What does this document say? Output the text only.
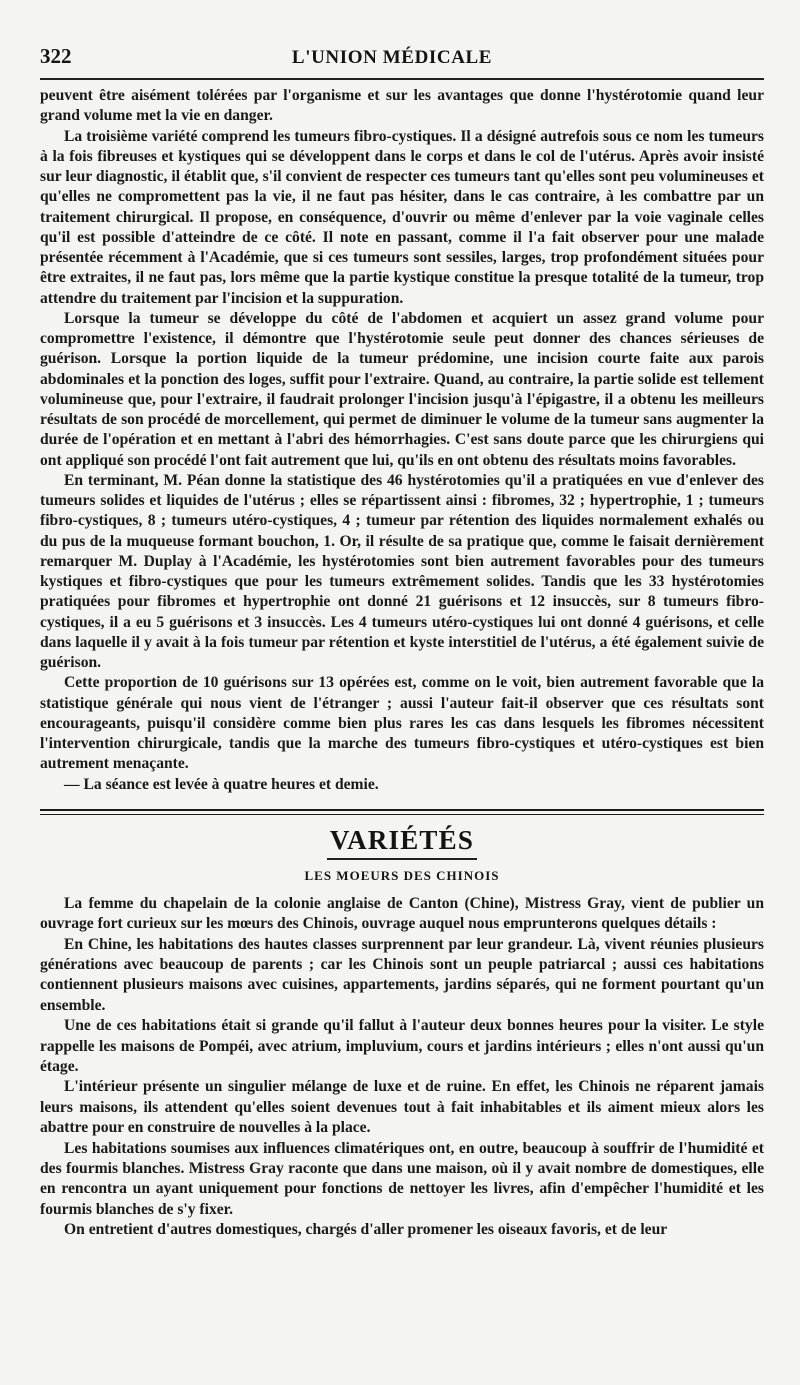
322	L'UNION MÉDICALE

peuvent être aisément tolérées par l'organisme et sur les avantages que donne l'hystérotomie quand leur grand volume met la vie en danger.

La troisième variété comprend les tumeurs fibro-cystiques. Il a désigné autrefois sous ce nom les tumeurs à la fois fibreuses et kystiques qui se développent dans le corps et dans le col de l'utérus. Après avoir insisté sur leur diagnostic, il établit que, s'il convient de respecter ces tumeurs tant qu'elles sont peu volumineuses et qu'elles ne compromettent pas la vie, il ne faut pas hésiter, dans le cas contraire, à les combattre par un traitement chirurgical. Il propose, en conséquence, d'ouvrir ou même d'enlever par la voie vaginale celles qu'il est possible d'atteindre de ce côté. Il note en passant, comme il l'a fait observer pour une malade présentée récemment à l'Académie, que si ces tumeurs sont sessiles, larges, trop profondément situées pour être extraites, il ne faut pas, lors même que la partie kystique constitue la presque totalité de la tumeur, trop attendre du traitement par l'incision et la suppuration.

Lorsque la tumeur se développe du côté de l'abdomen et acquiert un assez grand volume pour compromettre l'existence, il démontre que l'hystérotomie seule peut donner des chances sérieuses de guérison. Lorsque la portion liquide de la tumeur prédomine, une incision courte faite aux parois abdominales et la ponction des loges, suffit pour l'extraire. Quand, au contraire, la partie solide est tellement volumineuse que, pour l'extraire, il faudrait prolonger l'incision jusqu'à l'épigastre, il a obtenu les meilleurs résultats de son procédé de morcellement, qui permet de diminuer le volume de la tumeur sans augmenter la durée de l'opération et en mettant à l'abri des hémorrhagies. C'est sans doute parce que les chirurgiens qui ont appliqué son procédé l'ont fait autrement que lui, qu'ils en ont obtenu des résultats moins favorables.

En terminant, M. Péan donne la statistique des 46 hystérotomies qu'il a pratiquées en vue d'enlever des tumeurs solides et liquides de l'utérus ; elles se répartissent ainsi : fibromes, 32 ; hypertrophie, 1 ; tumeurs fibro-cystiques, 8 ; tumeurs utéro-cystiques, 4 ; tumeur par rétention des liquides normalement exhalés ou du pus de la muqueuse formant bouchon, 1. Or, il résulte de sa pratique que, comme le faisait dernièrement remarquer M. Duplay à l'Académie, les hystérotomies sont bien autrement favorables pour des tumeurs kystiques et fibro-cystiques que pour les tumeurs extrêmement solides. Tandis que les 33 hystérotomies pratiquées pour fibromes et hypertrophie ont donné 21 guérisons et 12 insuccès, sur 8 tumeurs fibro-cystiques, il a eu 5 guérisons et 3 insuccès. Les 4 tumeurs utéro-cystiques lui ont donné 4 guérisons, et celle dans laquelle il y avait à la fois tumeur par rétention et kyste interstitiel de l'utérus, a été également suivie de guérison.

Cette proportion de 10 guérisons sur 13 opérées est, comme on le voit, bien autrement favorable que la statistique générale qui nous vient de l'étranger ; aussi l'auteur fait-il observer que ces résultats sont encourageants, puisqu'il considère comme bien plus rares les cas dans lesquels les fibromes nécessitent l'intervention chirurgicale, tandis que la marche des tumeurs fibro-cystiques et utéro-cystiques est bien autrement menaçante.

— La séance est levée à quatre heures et demie.

VARIÉTÉS
LES MOEURS DES CHINOIS

La femme du chapelain de la colonie anglaise de Canton (Chine), Mistress Gray, vient de publier un ouvrage fort curieux sur les mœurs des Chinois, ouvrage auquel nous emprunterons quelques détails :

En Chine, les habitations des hautes classes surprennent par leur grandeur. Là, vivent réunies plusieurs générations avec beaucoup de parents ; car les Chinois sont un peuple patriarcal ; aussi ces habitations contiennent plusieurs maisons avec cuisines, appartements, jardins séparés, qui ne forment pourtant qu'un ensemble.

Une de ces habitations était si grande qu'il fallut à l'auteur deux bonnes heures pour la visiter. Le style rappelle les maisons de Pompéi, avec atrium, impluvium, cours et jardins intérieurs ; elles n'ont aussi qu'un étage.

L'intérieur présente un singulier mélange de luxe et de ruine. En effet, les Chinois ne réparent jamais leurs maisons, ils attendent qu'elles soient devenues tout à fait inhabitables et ils aiment mieux alors les abattre pour en construire de nouvelles à la place.

Les habitations soumises aux influences climatériques ont, en outre, beaucoup à souffrir de l'humidité et des fourmis blanches. Mistress Gray raconte que dans une maison, où il y avait nombre de domestiques, elle en rencontra un ayant uniquement pour fonctions de nettoyer les livres, afin d'empêcher l'humidité et les fourmis blanches de s'y fixer.

On entretient d'autres domestiques, chargés d'aller promener les oiseaux favoris, et de leur
